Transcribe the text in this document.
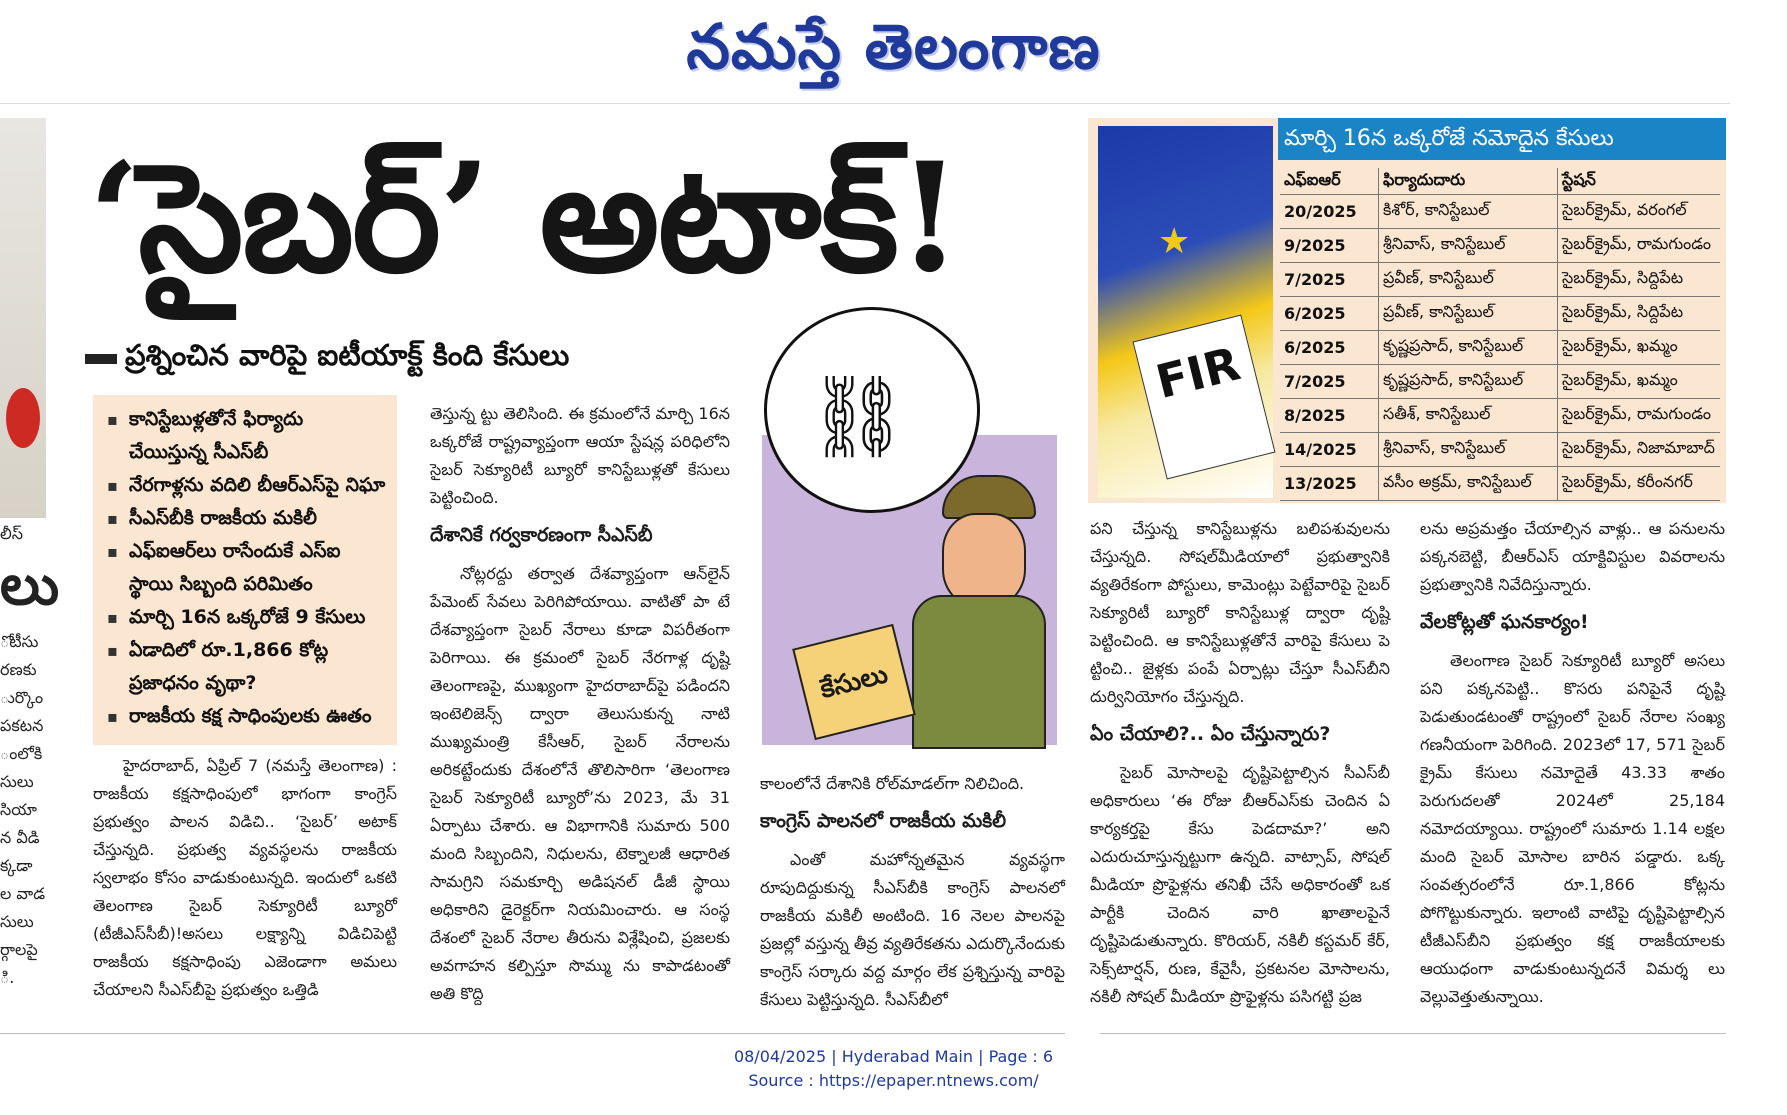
నమస్తే తెలంగాణ
లీస్
లు
ోటీసు
రణకు
ుర్కొం
పకటన
ంలోకి
సులు
సియా
న వీడి
క్కడా
ల వాడ
సులు
ర్గాలపై
ి.
‘సైబర్’ అటాక్!
ప్రశ్నించిన వారిపై ఐటీయాక్ట్ కింది కేసులు
▪ కానిస్టేబుళ్లతోనే ఫిర్యాదు చేయిస్తున్న సీఎస్‌బీ
▪ నేరగాళ్లను వదిలి బీఆర్‌ఎస్‌పై నిఘా
▪ సీఎస్‌బీకి రాజకీయ మకిలీ
▪ ఎఫ్‌ఐఆర్‌లు రాసేందుకే ఎస్‌ఐ స్థాయి సిబ్బంది పరిమితం
▪ మార్చి 16న ఒక్కరోజే 9 కేసులు
▪ ఏడాదిలో రూ.1,866 కోట్ల ప్రజాధనం వృథా?
▪ రాజకీయ కక్ష సాధింపులకు ఊతం

హైదరాబాద్‌, ఏప్రిల్‌ 7 (నమస్తే తెలంగాణ) : రాజకీయ కక్షసాధింపులో భాగంగా కాంగ్రెస్‌ ప్రభుత్వం పాలన విడిచి.. ‘సైబర్‌’ అటాక్‌ చేస్తున్నది. ప్రభుత్వ వ్యవస్థలను రాజకీయ స్వలాభం కోసం వాడుకుంటున్నది. ఇందులో ఒకటి తెలంగాణ సైబర్‌ సెక్యూరిటీ బ్యూరో (టీజీఎస్‌సీబీ)!అసలు లక్ష్యాన్ని విడిచిపెట్టి రాజకీయ కక్షసాధింపు ఎజెండాగా అమలు చేయాలని సీఎస్‌బీపై ప్రభుత్వం ఒత్తిడి

తెస్తున్న ట్టు తెలిసింది. ఈ క్రమంలోనే మార్చి 16న ఒక్కరోజే రాష్ట్రవ్యాప్తంగా ఆయా స్టేషన్ల పరిధిలోని సైబర్‌ సెక్యూరిటీ బ్యూరో కానిస్టేబుళ్లతో కేసులు పెట్టించింది.

దేశానికే గర్వకారణంగా సీఎస్‌బీ

నోట్లరద్దు తర్వాత దేశవ్యాప్తంగా ఆన్‌లైన్‌ పేమెంట్‌ సేవలు పెరిగిపోయాయి. వాటితో పా టే దేశవ్యాప్తంగా సైబర్‌ నేరాలు కూడా విపరీతంగా పెరిగాయి. ఈ క్రమంలో సైబర్‌ నేరగాళ్ల దృష్టి తెలంగాణపై, ముఖ్యంగా హైదరాబాద్‌పై పడిందని ఇంటెలిజెన్స్‌ ద్వారా తెలుసుకున్న నాటి ముఖ్యమంత్రి కేసీఆర్‌, సైబర్‌ నేరాలను అరికట్టేందుకు దేశంలోనే తొలిసారిగా ‘తెలంగాణ సైబర్‌ సెక్యూరిటీ బ్యూరో’ను 2023, మే 31 ఏర్పాటు చేశారు. ఆ విభాగానికి సుమారు 500 మంది సిబ్బందిని, నిధులను, టెక్నాలజీ ఆధారిత సామగ్రిని సమకూర్చి అడిషనల్‌ డీజీ స్థాయి అధికారిని డైరెక్టర్‌గా నియమించారు. ఆ సంస్థ దేశంలో సైబర్‌ నేరాల తీరును విశ్లేషించి, ప్రజలకు అవగాహన కల్పిస్తూ సొమ్ము ను కాపాడటంతో అతి కొద్ది

⛓
కేసులు

కాలంలోనే దేశానికి రోల్‌మాడల్‌గా నిలిచింది.

కాంగ్రెస్‌ పాలనలో రాజకీయ మకిలీ

ఎంతో మహోన్నతమైన వ్యవస్థగా రూపుదిద్దుకున్న సీఎస్‌బీకి కాంగ్రెస్‌ పాలనలో రాజకీయ మకిలీ అంటింది. 16 నెలల పాలనపై ప్రజల్లో వస్తున్న తీవ్ర వ్యతిరేకతను ఎదుర్కొనేందుకు కాంగ్రెస్‌ సర్కారు వద్ద మార్గం లేక ప్రశ్నిస్తున్న వారిపై కేసులు పెట్టిస్తున్నది. సీఎస్‌బీలో

★
FIR
మార్చి 16న ఒక్కరోజే నమోదైన కేసులు
ఎఫ్‌ఐఆర్‌	ఫిర్యాదుదారు	స్టేషన్‌
20/2025	కిశోర్‌, కానిస్టేబుల్‌	సైబర్‌క్రైమ్‌, వరంగల్‌
9/2025	శ్రీనివాస్‌, కానిస్టేబుల్‌	సైబర్‌క్రైమ్‌, రామగుండం
7/2025	ప్రవీణ్‌, కానిస్టేబుల్‌	సైబర్‌క్రైమ్‌, సిద్దిపేట
6/2025	ప్రవీణ్‌, కానిస్టేబుల్‌	సైబర్‌క్రైమ్‌, సిద్దిపేట
6/2025	కృష్ణప్రసాద్‌, కానిస్టేబుల్‌	సైబర్‌క్రైమ్‌, ఖమ్మం
7/2025	కృష్ణప్రసాద్‌, కానిస్టేబుల్‌	సైబర్‌క్రైమ్‌, ఖమ్మం
8/2025	సతీశ్‌, కానిస్టేబుల్‌	సైబర్‌క్రైమ్‌, రామగుండం
14/2025	శ్రీనివాస్‌, కానిస్టేబుల్‌	సైబర్‌క్రైమ్‌, నిజామాబాద్‌
13/2025	వసీం అక్రమ్‌, కానిస్టేబుల్‌	సైబర్‌క్రైమ్‌, కరీంనగర్‌

పని చేస్తున్న కానిస్టేబుళ్లను బలిపశువులను చేస్తున్నది. సోషల్‌మీడియాలో ప్రభుత్వానికి వ్యతిరేకంగా పోస్టులు, కామెంట్లు పెట్టేవారిపై సైబర్‌ సెక్యూరిటీ బ్యూరో కానిస్టేబుళ్ల ద్వారా దృష్టి పెట్టించింది. ఆ కానిస్టేబుళ్లతోనే వారిపై కేసులు పె ట్టించి.. జైళ్లకు పంపే ఏర్పాట్లు చేస్తూ సీఎస్‌బీని దుర్వినియోగం చేస్తున్నది.

ఏం చేయాలి?.. ఏం చేస్తున్నారు?

సైబర్‌ మోసాలపై దృష్టిపెట్టాల్సిన సీఎస్‌బీ అధికారులు ‘ఈ రోజు బీఆర్‌ఎస్‌కు చెందిన ఏ కార్యకర్తపై కేసు పెడదామా?’ అని ఎదురుచూస్తున్నట్టుగా ఉన్నది. వాట్సాప్‌, సోషల్‌ మీడియా ప్రొఫైళ్లను తనిఖీ చేసే అధికారంతో ఒక పార్టీకి చెందిన వారి ఖాతాలపైనే దృష్టిపెడుతున్నారు. కొరియర్‌, నకిలీ కస్టమర్‌ కేర్‌, సెక్స్‌టార్షన్‌, రుణ, కేవైసీ, ప్రకటనల మోసాలను, నకిలీ సోషల్‌ మీడియా ప్రొఫైళ్లను పసిగట్టి ప్రజ

లను అప్రమత్తం చేయాల్సిన వాళ్లు.. ఆ పనులను పక్కనబెట్టి, బీఆర్‌ఎస్‌ యాక్టివిస్టుల వివరాలను ప్రభుత్వానికి నివేదిస్తున్నారు.

వేలకోట్లతో ఘనకార్యం!

తెలంగాణ సైబర్‌ సెక్యూరిటీ బ్యూరో అసలు పని పక్కనపెట్టి.. కొసరు పనిపైనే దృష్టి పెడుతుండటంతో రాష్ట్రంలో సైబర్‌ నేరాల సంఖ్య గణనీయంగా పెరిగింది. 2023లో 17, 571 సైబర్‌ క్రైమ్‌ కేసులు నమోదైతే 43.33 శాతం పెరుగుదలతో 2024లో 25,184 నమోదయ్యాయి. రాష్ట్రంలో సుమారు 1.14 లక్షల మంది సైబర్‌ మోసాల బారిన పడ్డారు. ఒక్క సంవత్సరంలోనే రూ.1,866 కోట్లను పోగొట్టుకున్నారు. ఇలాంటి వాటిపై దృష్టిపెట్టాల్సిన టీజీఎస్‌బీని ప్రభుత్వం కక్ష రాజకీయాలకు ఆయుధంగా వాడుకుంటున్నదనే విమర్శ లు వెల్లువెత్తుతున్నాయి.

08/04/2025 | Hyderabad Main | Page : 6
Source : https://epaper.ntnews.com/
